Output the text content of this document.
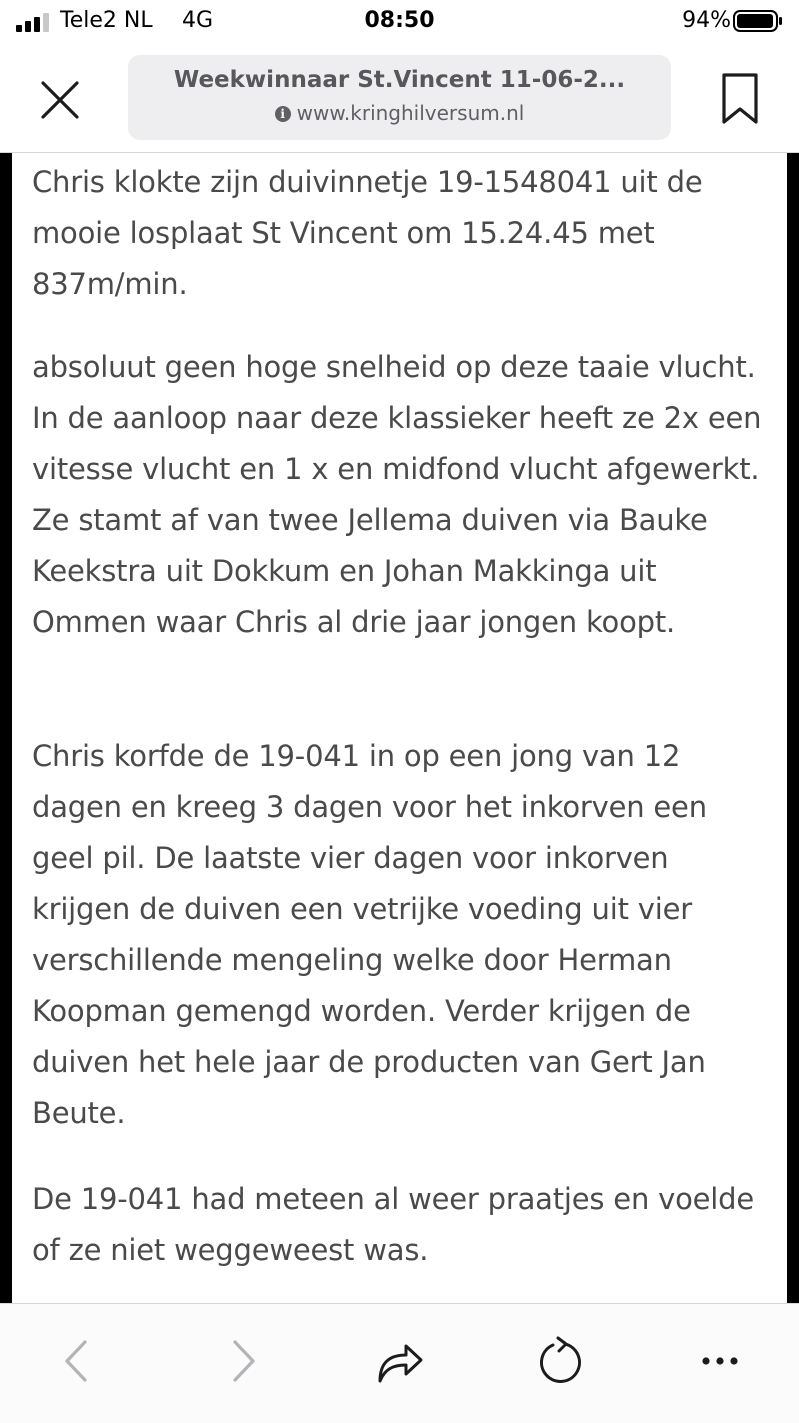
Tele2 NL 4G	08:50	94%
Weekwinnaar St.Vincent 11-06-2...
i www.kringhilversum.nl

Chris klokte zijn duivinnetje 19-1548041 uit de mooie losplaat St Vincent om 15.24.45 met 837m/min.

absoluut geen hoge snelheid op deze taaie vlucht. In de aanloop naar deze klassieker heeft ze 2x een vitesse vlucht en 1 x en midfond vlucht afgewerkt. Ze stamt af van twee Jellema duiven via Bauke Keekstra uit Dokkum en Johan Makkinga uit Ommen waar Chris al drie jaar jongen koopt.

Chris korfde de 19-041 in op een jong van 12 dagen en kreeg 3 dagen voor het inkorven een geel pil. De laatste vier dagen voor inkorven krijgen de duiven een vetrijke voeding uit vier verschillende mengeling welke door Herman Koopman gemengd worden. Verder krijgen de duiven het hele jaar de producten van Gert Jan Beute.

De 19-041 had meteen al weer praatjes en voelde of ze niet weggeweest was.
